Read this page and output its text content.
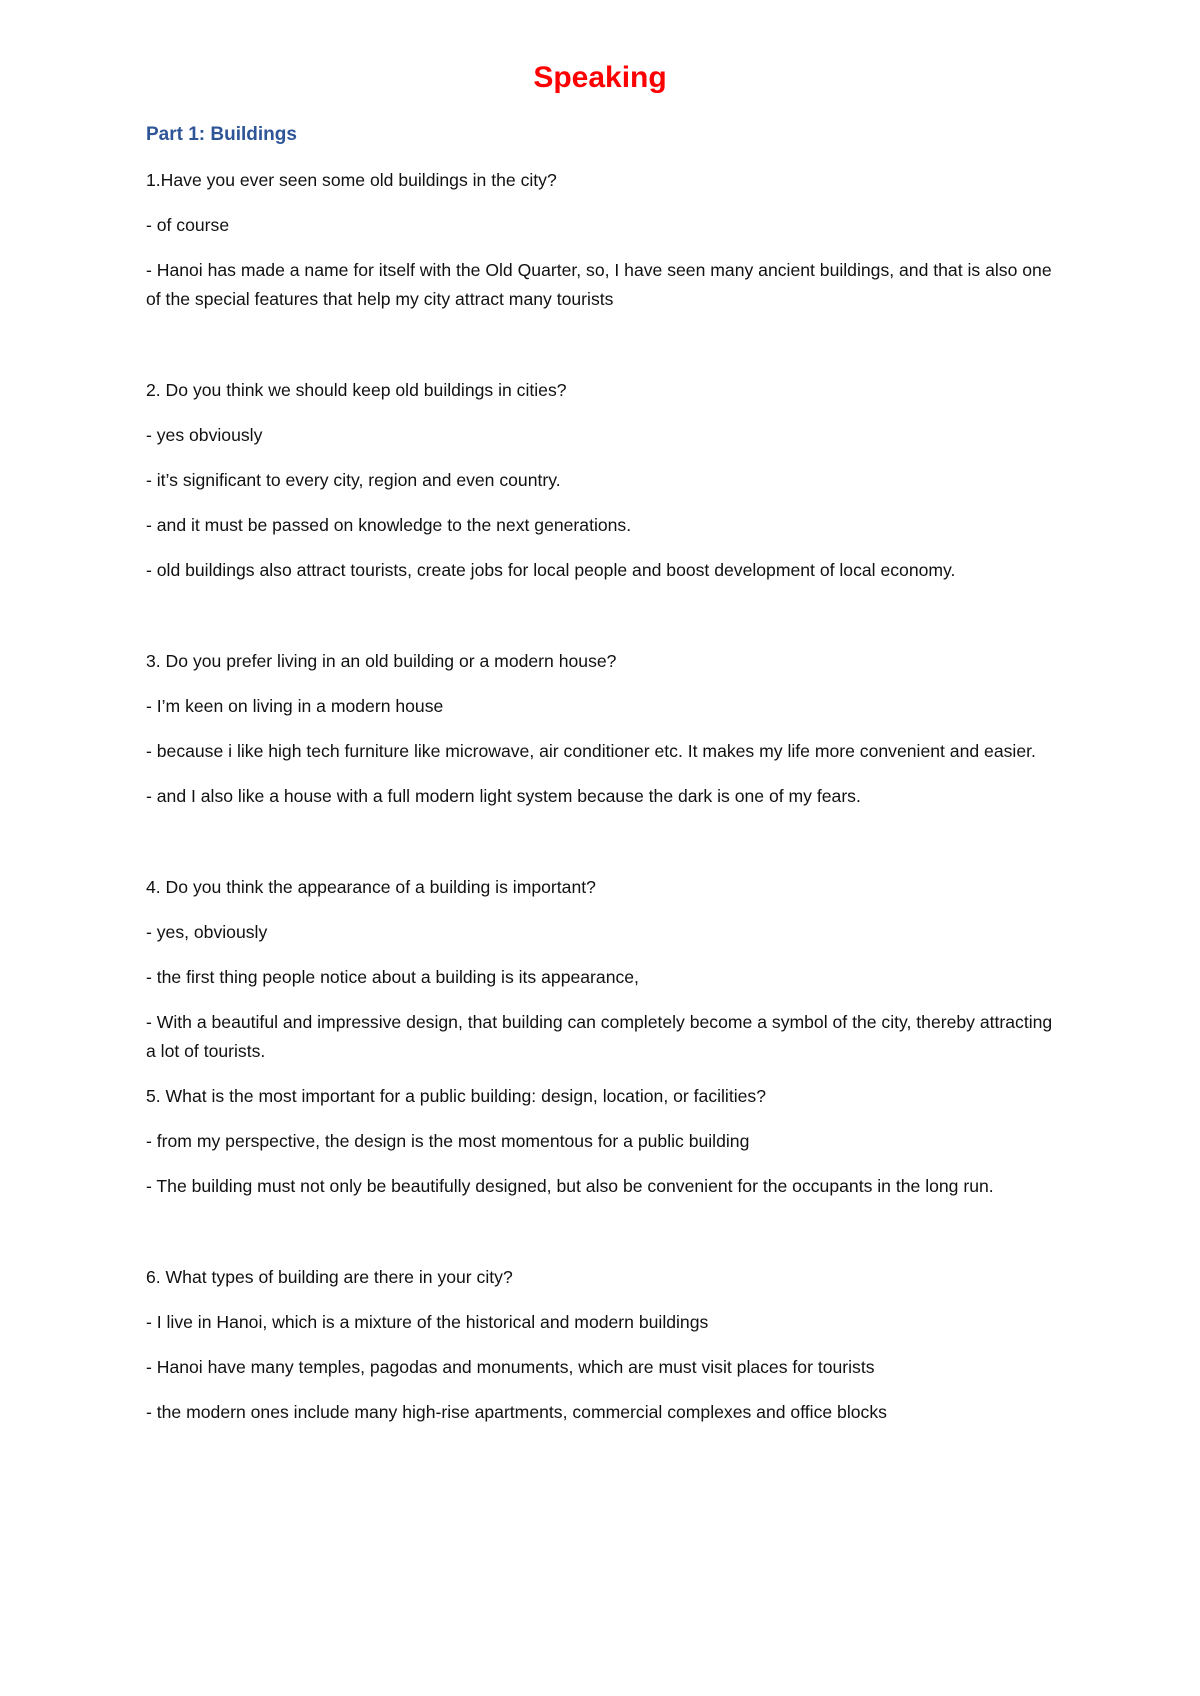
Speaking

Part 1: Buildings

1.Have you ever seen some old buildings in the city?

- of course

- Hanoi has made a name for itself with the Old Quarter, so, I have seen many ancient buildings, and that is also one of the special features that help my city attract many tourists

2. Do you think we should keep old buildings in cities?

- yes obviously

- it’s significant to every city, region and even country.

- and it must be passed on knowledge to the next generations.

- old buildings also attract tourists, create jobs for local people and boost development of local economy.

3. Do you prefer living in an old building or a modern house?

- I’m keen on living in a modern house

- because i like high tech furniture like microwave, air conditioner etc. It makes my life more convenient and easier.

- and I also like a house with a full modern light system because the dark is one of my fears.

4. Do you think the appearance of a building is important?

- yes, obviously

- the first thing people notice about a building is its appearance,

- With a beautiful and impressive design, that building can completely become a symbol of the city, thereby attracting a lot of tourists.

5. What is the most important for a public building: design, location, or facilities?

- from my perspective, the design is the most momentous for a public building

- The building must not only be beautifully designed, but also be convenient for the occupants in the long run.

6. What types of building are there in your city?

- I live in Hanoi, which is a mixture of the historical and modern buildings

- Hanoi have many temples, pagodas and monuments, which are must visit places for tourists

- the modern ones include many high-rise apartments, commercial complexes and office blocks
